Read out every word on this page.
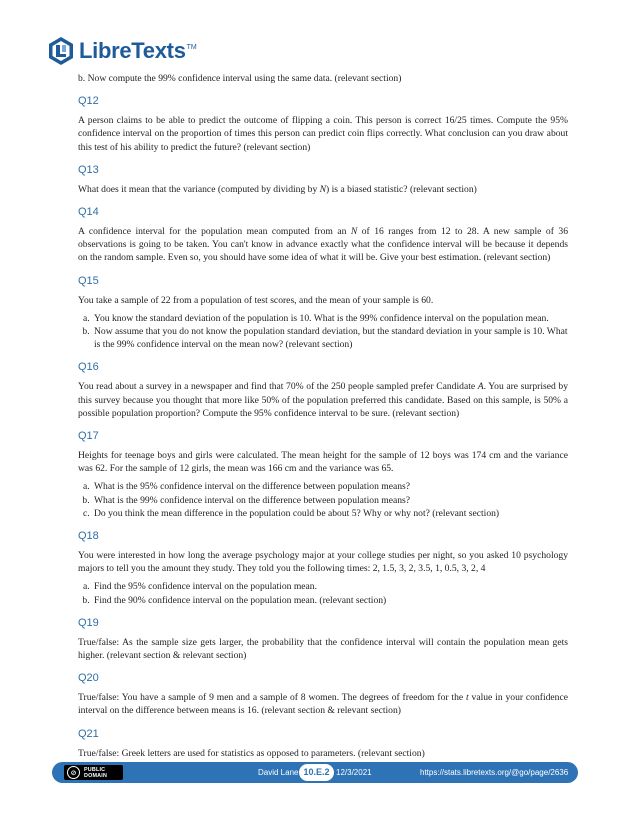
LibreTexts TM

b. Now compute the 99% confidence interval using the same data. (relevant section)

Q12

A person claims to be able to predict the outcome of flipping a coin. This person is correct 16/25 times. Compute the 95% confidence interval on the proportion of times this person can predict coin flips correctly. What conclusion can you draw about this test of his ability to predict the future? (relevant section)

Q13

What does it mean that the variance (computed by dividing by N) is a biased statistic? (relevant section)

Q14

A confidence interval for the population mean computed from an N of 16 ranges from 12 to 28. A new sample of 36 observations is going to be taken. You can't know in advance exactly what the confidence interval will be because it depends on the random sample. Even so, you should have some idea of what it will be. Give your best estimation. (relevant section)

Q15

You take a sample of 22 from a population of test scores, and the mean of your sample is 60.

a. You know the standard deviation of the population is 10. What is the 99% confidence interval on the population mean.
b. Now assume that you do not know the population standard deviation, but the standard deviation in your sample is 10. What is the 99% confidence interval on the mean now? (relevant section)
Q16

You read about a survey in a newspaper and find that 70% of the 250 people sampled prefer Candidate A. You are surprised by this survey because you thought that more like 50% of the population preferred this candidate. Based on this sample, is 50% a possible population proportion? Compute the 95% confidence interval to be sure. (relevant section)

Q17

Heights for teenage boys and girls were calculated. The mean height for the sample of 12 boys was 174 cm and the variance was 62. For the sample of 12 girls, the mean was 166 cm and the variance was 65.

a. What is the 95% confidence interval on the difference between population means?
b. What is the 99% confidence interval on the difference between population means?
c. Do you think the mean difference in the population could be about 5? Why or why not? (relevant section)
Q18

You were interested in how long the average psychology major at your college studies per night, so you asked 10 psychology majors to tell you the amount they study. They told you the following times: 2, 1.5, 3, 2, 3.5, 1, 0.5, 3, 2, 4

a. Find the 95% confidence interval on the population mean.
b. Find the 90% confidence interval on the population mean. (relevant section)
Q19

True/false: As the sample size gets larger, the probability that the confidence interval will contain the population mean gets higher. (relevant section & relevant section)

Q20

True/false: You have a sample of 9 men and a sample of 8 women. The degrees of freedom for the t value in your confidence interval on the difference between means is 16. (relevant section & relevant section)

Q21

True/false: Greek letters are used for statistics as opposed to parameters. (relevant section)

⊘	PUBLIC
DOMAIN	David Lane 10.E.2 12/3/2021	https://stats.libretexts.org/@go/page/2636
